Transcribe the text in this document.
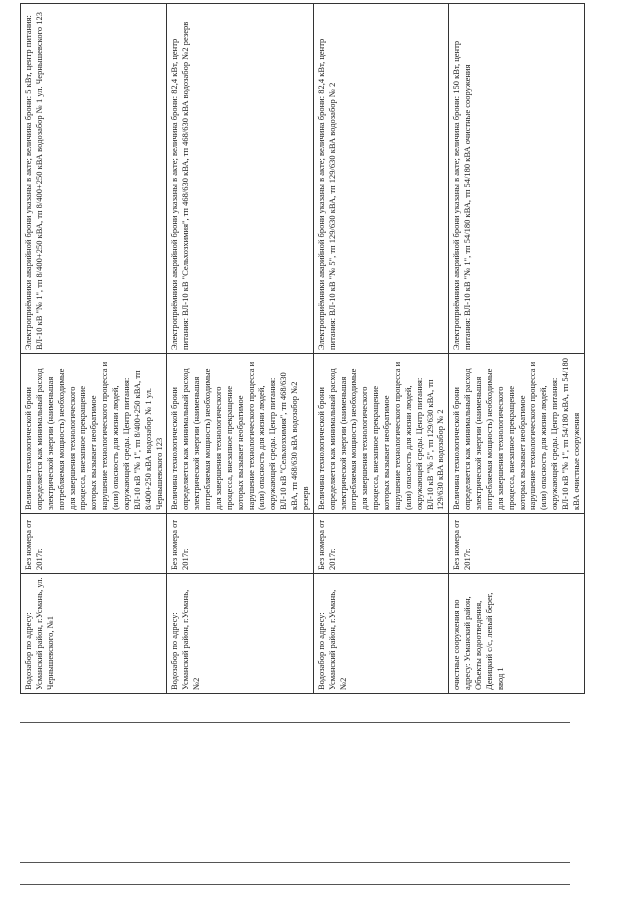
Водозабор по адресу: Усманский район, г.Усмань, ул. Чернышевского, №1	Без номера от 2017г.	Величина технологической брони определяется как минимальный расход электрической энергии (наименьшая потребляемая мощность) необходимые для завершения технологического процесса, внезапное прекращение которых вызывает необратимое нарушение технологического процесса и (или) опасность для жизни людей, окружающей среды. Центр питания: ВЛ-10 кВ "№ 1", тп 8/400+250 кВА, тп 8/400+250 кВА водозабор № 1 ул. Чернышевского 123	Электроприёмники аварийной брони указаны в акте; величина брони: 5 кВт, центр питания: ВЛ-10 кВ "№ 1", тп 8/400+250 кВА, тп 8/400+250 кВА водозабор № 1 ул. Чернышевского 123
Водозабор по адресу: Усманский район, г.Усмань, №2	Без номера от 2017г.	Величина технологической брони определяется как минимальный расход электрической энергии (наименьшая потребляемая мощность) необходимые для завершения технологического процесса, внезапное прекращение которых вызывает необратимое нарушение технологического процесса и (или) опасность для жизни людей, окружающей среды. Центр питания: ВЛ-10 кВ "Сельхозхимия", тп 468/630 кВА, тп 468/630 кВА водозабор №2 резерв	Электроприёмники аварийной брони указаны в акте; величина брони: 82,4 кВт, центр питания: ВЛ-10 кВ "Сельхозхимия", тп 468/630 кВА, тп 468/630 кВА водозабор №2 резерв
Водозабор по адресу: Усманский район, г.Усмань, №2	Без номера от 2017г.	Величина технологической брони определяется как минимальный расход электрической энергии (наименьшая потребляемая мощность) необходимые для завершения технологического процесса, внезапное прекращение которых вызывает необратимое нарушение технологического процесса и (или) опасность для жизни людей, окружающей среды. Центр питания: ВЛ-10 кВ "№ 5", тп 129/630 кВА, тп 129/630 кВА водозабор № 2	Электроприёмники аварийной брони указаны в акте; величина брони: 82,4 кВт, центр питания: ВЛ-10 кВ "№ 5", тп 129/630 кВА, тп 129/630 кВА водозабор № 2
очистные сооружения по адресу: Усманский район, Объекты водоотведения, Девицкий с/с, левый берег, ввод 1	Без номера от 2017г.	Величина технологической брони определяется как минимальный расход электрической энергии (наименьшая потребляемая мощность) необходимые для завершения технологического процесса, внезапное прекращение которых вызывает необратимое нарушение технологического процесса и (или) опасность для жизни людей, окружающей среды. Центр питания: ВЛ-10 кВ "№ 1", тп 54/180 кВА, тп 54/180 кВА очистные сооружения	Электроприёмники аварийной брони указаны в акте; величина брони: 150 кВт, центр питания: ВЛ-10 кВ "№ 1", тп 54/180 кВА, тп 54/180 кВА очистные сооружения
